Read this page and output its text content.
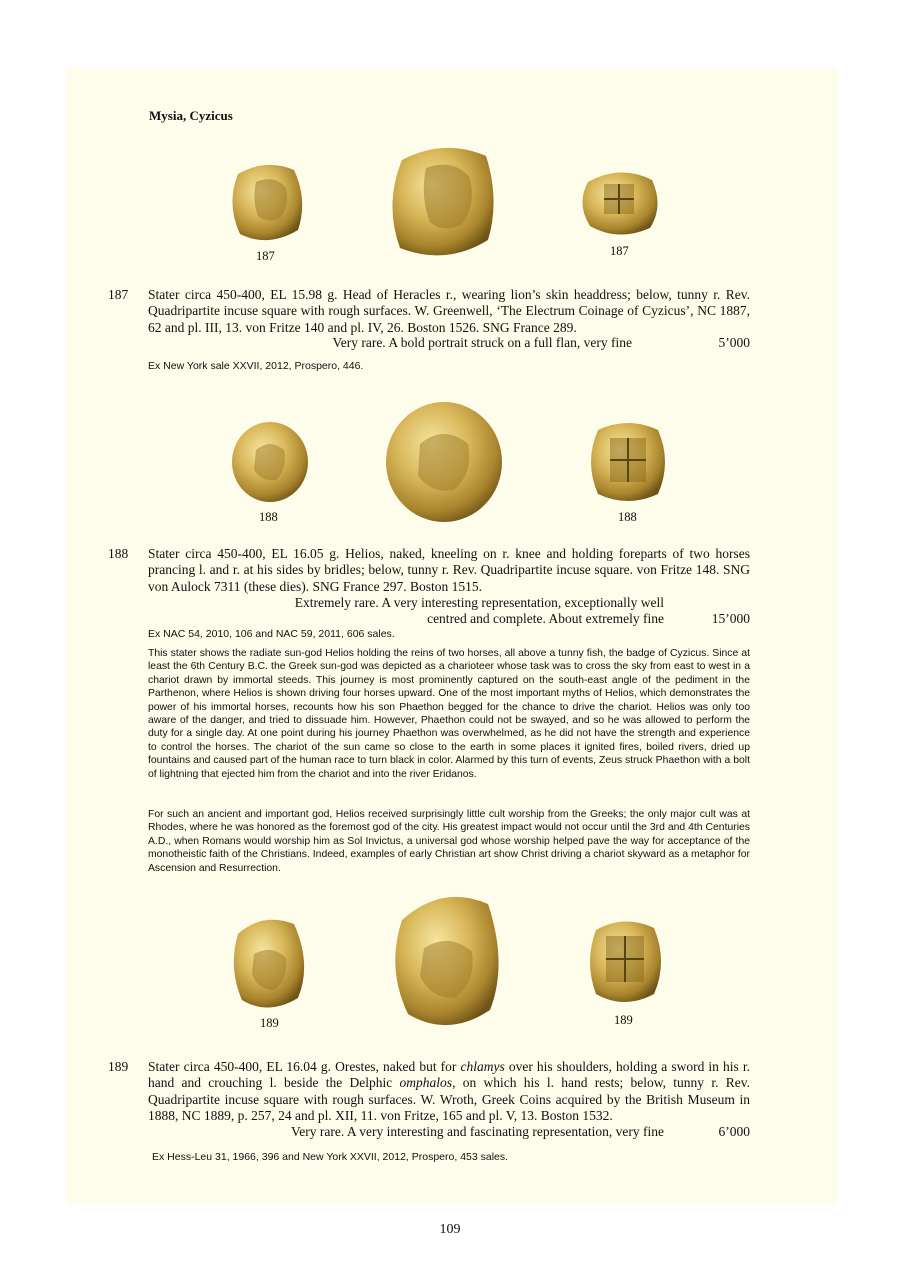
Mysia, Cyzicus
187	187
187 Stater circa 450-400, EL 15.98 g. Head of Heracles r., wearing lion’s skin headdress; below, tunny r. Rev. Quadripartite incuse square with rough surfaces. W. Greenwell, ‘The Electrum Coinage of Cyzicus’, NC 1887, 62 and pl. III, 13. von Fritze 140 and pl. IV, 26. Boston 1526. SNG France 289.
Very rare. A bold portrait struck on a full flan, very fine	5’000
Ex New York sale XXVII, 2012, Prospero, 446.
188	188
188 Stater circa 450-400, EL 16.05 g. Helios, naked, kneeling on r. knee and holding foreparts of two horses prancing l. and r. at his sides by bridles; below, tunny r. Rev. Quadripartite incuse square. von Fritze 148. SNG von Aulock 7311 (these dies). SNG France 297. Boston 1515.
Extremely rare. A very interesting representation, exceptionally well
centred and complete. About extremely fine	15’000
Ex NAC 54, 2010, 106 and NAC 59, 2011, 606 sales.
This stater shows the radiate sun-god Helios holding the reins of two horses, all above a tunny fish, the badge of Cyzicus. Since at least the 6th Century B.C. the Greek sun-god was depicted as a charioteer whose task was to cross the sky from east to west in a chariot drawn by immortal steeds. This journey is most prominently captured on the south-east angle of the pediment in the Parthenon, where Helios is shown driving four horses upward. One of the most important myths of Helios, which demonstrates the power of his immortal horses, recounts how his son Phaethon begged for the chance to drive the chariot. Helios was only too aware of the danger, and tried to dissuade him. However, Phaethon could not be swayed, and so he was allowed to perform the duty for a single day. At one point during his journey Phaethon was overwhelmed, as he did not have the strength and experience to control the horses. The chariot of the sun came so close to the earth in some places it ignited fires, boiled rivers, dried up fountains and caused part of the human race to turn black in color. Alarmed by this turn of events, Zeus struck Phaethon with a bolt of lightning that ejected him from the chariot and into the river Eridanos.
For such an ancient and important god, Helios received surprisingly little cult worship from the Greeks; the only major cult was at Rhodes, where he was honored as the foremost god of the city. His greatest impact would not occur until the 3rd and 4th Centuries A.D., when Romans would worship him as Sol Invictus, a universal god whose worship helped pave the way for acceptance of the monotheistic faith of the Christians. Indeed, examples of early Christian art show Christ driving a chariot skyward as a metaphor for Ascension and Resurrection.
189	189
189 Stater circa 450-400, EL 16.04 g. Orestes, naked but for chlamys over his shoulders, holding a sword in his r. hand and crouching l. beside the Delphic omphalos, on which his l. hand rests; below, tunny r. Rev. Quadripartite incuse square with rough surfaces. W. Wroth, Greek Coins acquired by the British Museum in 1888, NC 1889, p. 257, 24 and pl. XII, 11. von Fritze, 165 and pl. V, 13. Boston 1532.
Very rare. A very interesting and fascinating representation, very fine	6’000
Ex Hess-Leu 31, 1966, 396 and New York XXVII, 2012, Prospero, 453 sales.
109
